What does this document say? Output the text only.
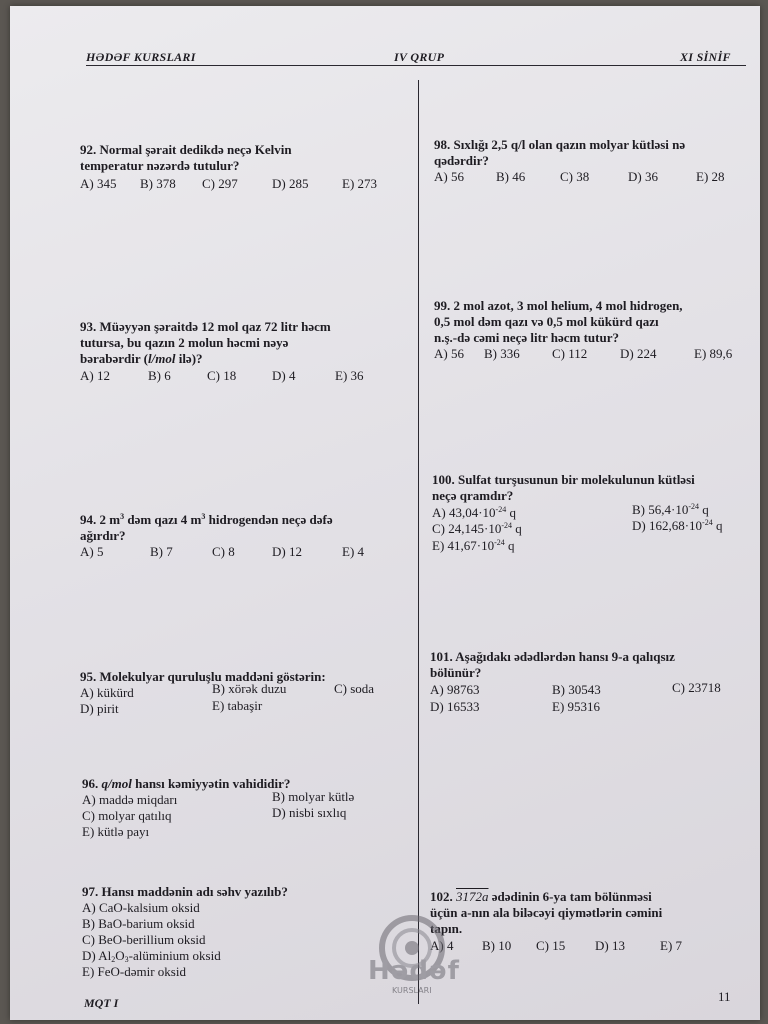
HƏDƏF KURSLARI	IV QRUP	XI SİNİF
92. Normal şərait dedikdə neçə Kelvin temperatur nəzərdə tutulur?
A) 345 B) 378 C) 297	D) 285	E) 273
93. Müəyyən şəraitdə 12 mol qaz 72 litr həcm
tutursa, bu qazın 2 molun həcmi nəyə
bərabərdir (l/mol ilə)?
A) 12	B) 6	C) 18	D) 4	E) 36
94. 2 $m^3$ dəm qazı 4 $m^3$ hidrogendən neçə dəfə
ağırdır?
A) 5	B) 7	C) 8	D) 12	E) 4
95. Molekulyar quruluşlu maddəni göstərin:
A) kükürd	B) xörək duzu	C) soda
D) pirit	E) tabaşir
96. q/mol hansı kəmiyyətin vahididir?
A) maddə miqdarı	B) molyar kütlə
C) molyar qatılıq	D) nisbi sıxlıq
E) kütlə payı
97. Hansı maddənin adı səhv yazılıb?
A) CaO-kalsium oksid
B) BaO-barium oksid
C) BeO-berillium oksid
D) $Al_2O_3$-alüminium oksid
E) FeO-dəmir oksid
98. Sıxlığı 2,5 q/l olan qazın molyar kütləsi nə
qədərdir?
A) 56 B) 46	C) 38	D) 36	E) 28
99. 2 mol azot, 3 mol helium, 4 mol hidrogen,
0,5 mol dəm qazı və 0,5 mol kükürd qazı
n.ş.-də cəmi neçə litr həcm tutur?
A) 56 B) 336 C) 112	D) 224	E) 89,6
100. Sulfat turşusunun bir molekulunun kütləsi
neçə qramdır?
A) $43,04\cdot 10^{-24}$ q	B) $56,4\cdot 10^{-24}$ q
C) $24,145\cdot 10^{-24}$ q	D) $162,68\cdot 10^{-24}$ q
E) $41,67\cdot 10^{-24}$ q
101. Aşağıdakı ədədlərdən hansı 9-a qalıqsız
bölünür?
A) 98763	B) 30543	C) 23718
D) 16533	E) 95316
102. 3172a ədədinin 6-ya tam bölünməsi
üçün a-nın ala biləcəyi qiymətlərin cəmini
tapın.
A) 4 B) 10 C) 15 D) 13	E) 7
Hədəf
KURSLARI
MQT I	11
